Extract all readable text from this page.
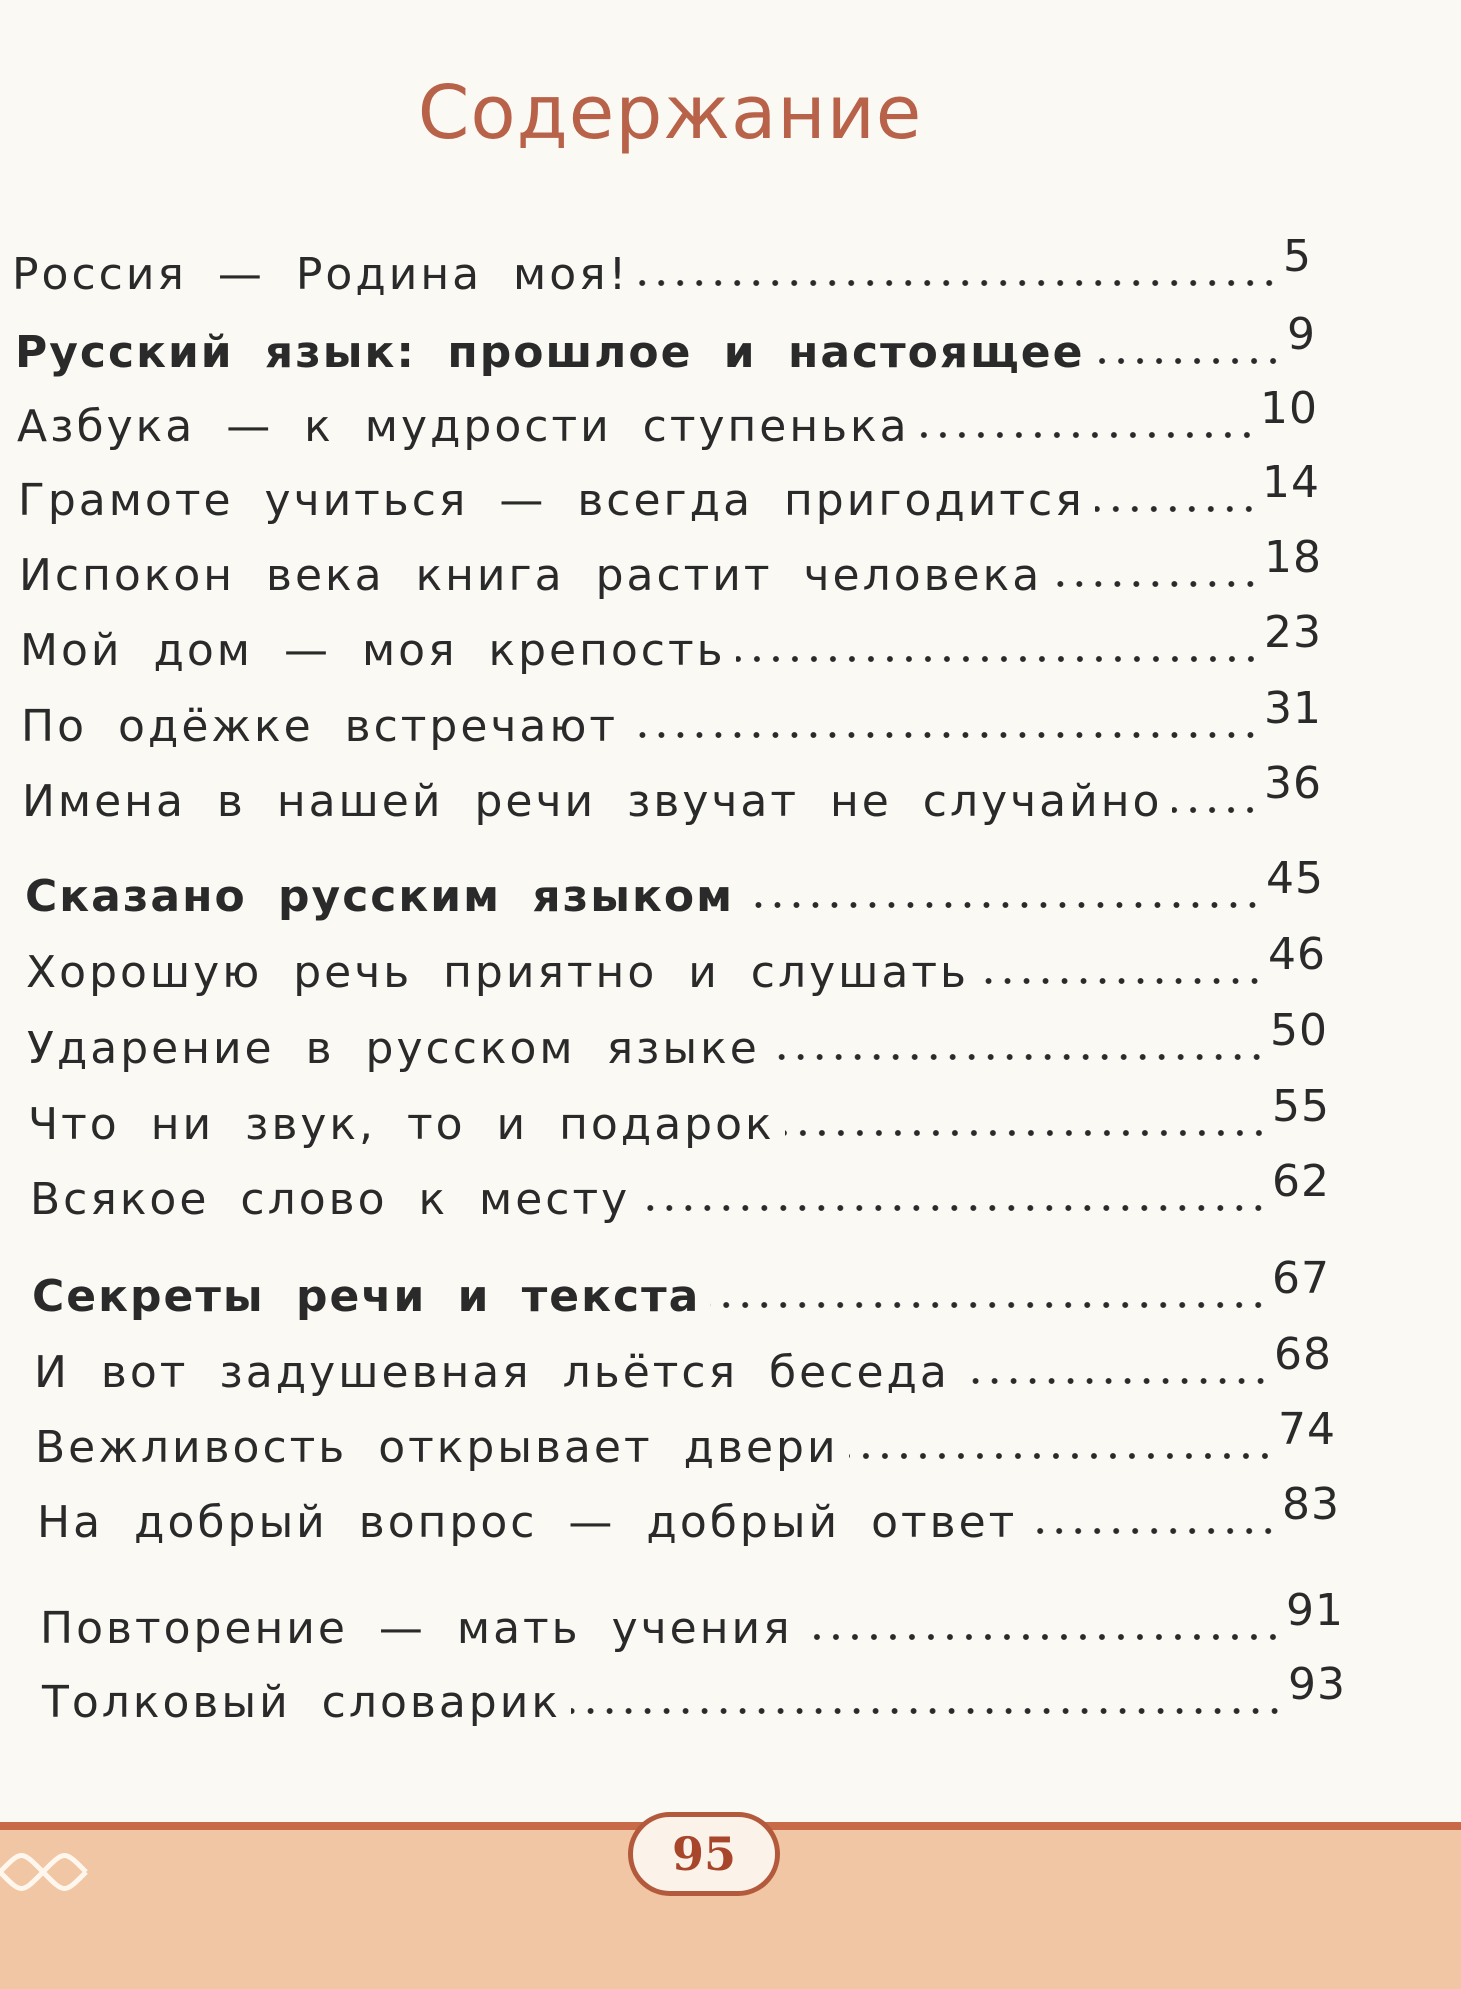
Содержание
Россия — Родина моя!	5
Русский язык: прошлое и настоящее	9
Азбука — к мудрости ступенька	10
Грамоте учиться — всегда пригодится	14
Испокон века книга растит человека	18
Мой дом — моя крепость	23
По одёжке встречают	31
Имена в нашей речи звучат не случайно 36
Сказано русским языком	45
Хорошую речь приятно и слушать	46
Ударение в русском языке	50
Что ни звук, то и подарок	55
Всякое слово к месту	62
Секреты речи и текста	67
И вот задушевная льётся беседа	68
Вежливость открывает двери	74
На добрый вопрос — добрый ответ	83
Повторение — мать учения	91
Толковый словарик	93
95
